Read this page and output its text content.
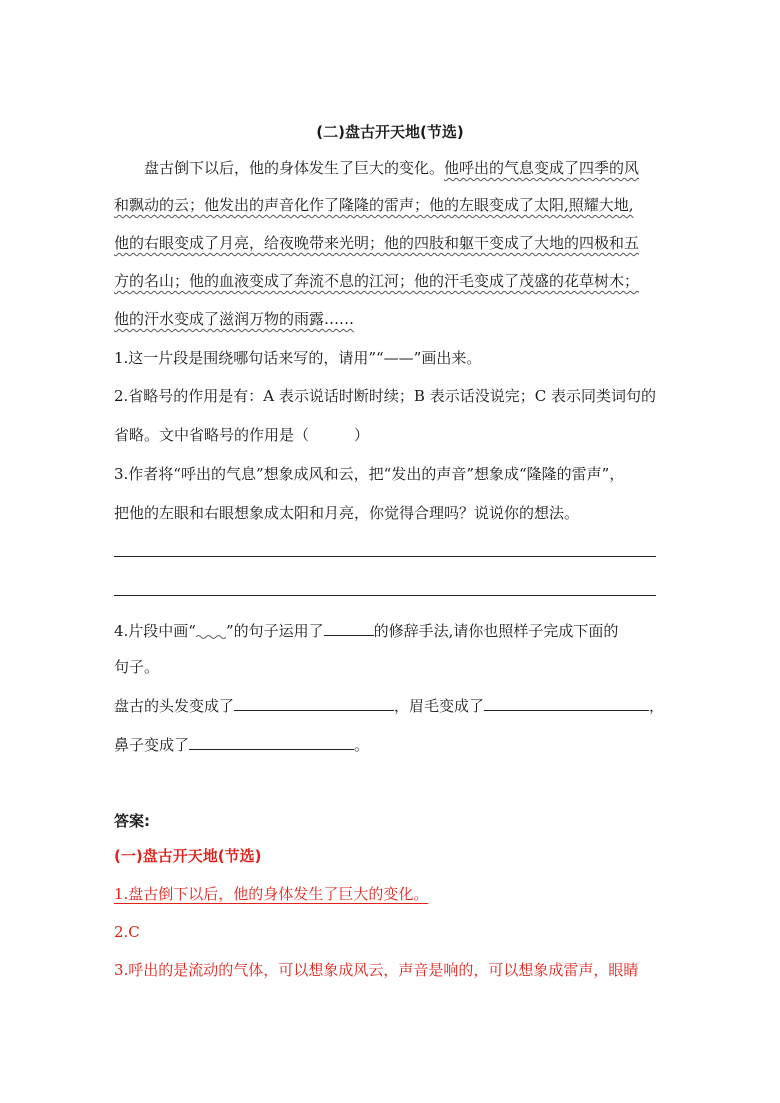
(二)盘古开天地(节选)
盘古倒下以后，他的身体发生了巨大的变化。他呼出的气息变成了四季的风
和飘动的云；他发出的声音化作了隆隆的雷声；他的左眼变成了太阳,照耀大地,
他的右眼变成了月亮，给夜晚带来光明；他的四肢和躯干变成了大地的四极和五
方的名山；他的血液变成了奔流不息的江河；他的汗毛变成了茂盛的花草树木；
他的汗水变成了滋润万物的雨露……
1.这一片段是围绕哪句话来写的，请用”“——”画出来。
2.省略号的作用是有：A 表示说话时断时续；B 表示话没说完；C 表示同类词句的
省略。文中省略号的作用是（　　　）
3.作者将“呼出的气息”想象成风和云，把“发出的声音”想象成“隆隆的雷声”，
把他的左眼和右眼想象成太阳和月亮，你觉得合理吗？说说你的想法。
4.片段中画“ ”的句子运用了	的修辞手法,请你也照样子完成下面的
句子。
盘古的头发变成了	，眉毛变成了	，
鼻子变成了	。
答案:
(一)盘古开天地(节选)
1.盘古倒下以后，他的身体发生了巨大的变化。
2.C
3.呼出的是流动的气体，可以想象成风云，声音是响的，可以想象成雷声，眼睛
